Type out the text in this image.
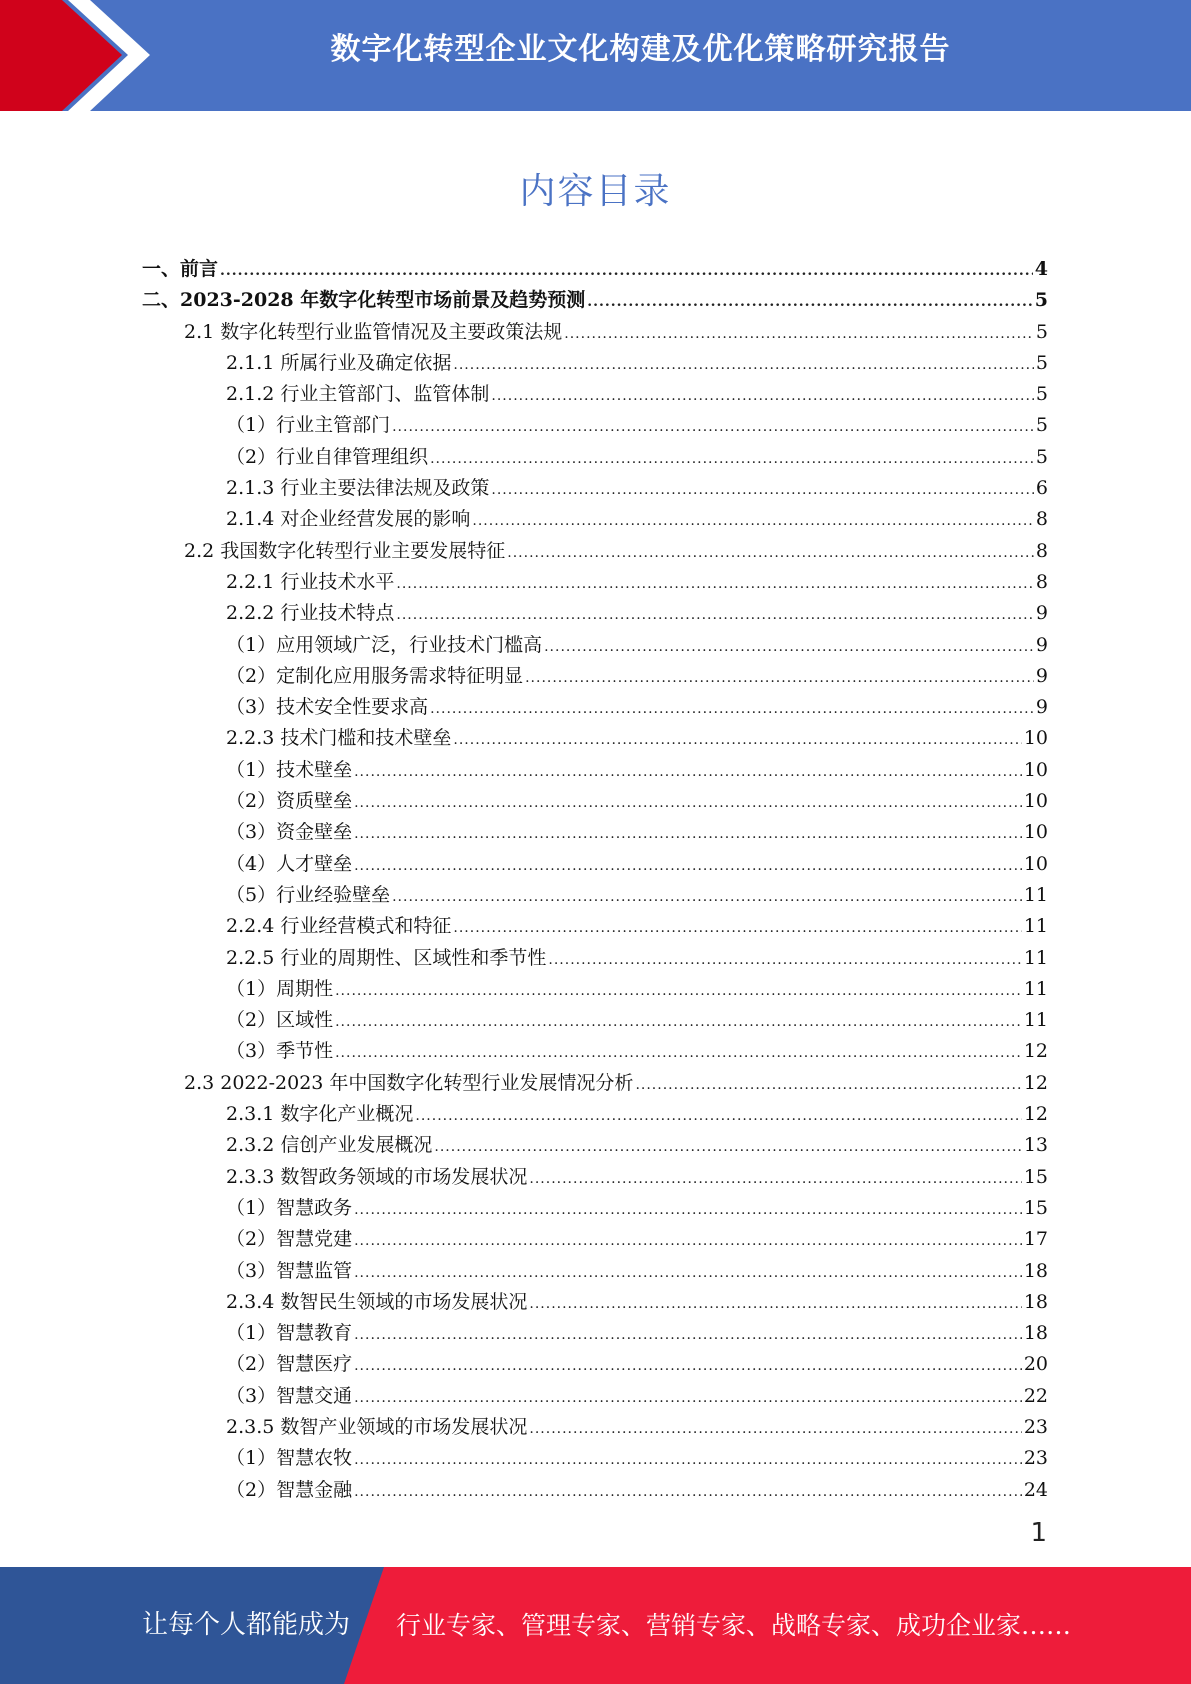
数字化转型企业文化构建及优化策略研究报告
内容目录
一、前言 .....	4
二、2023-2028 年数字化转型市场前景及趋势预测 .....	5
2.1 数字化转型行业监管情况及主要政策法规 .....	5
2.1.1 所属行业及确定依据 .....	5
2.1.2 行业主管部门、监管体制 .....	5
（1）行业主管部门 .....	5
（2）行业自律管理组织 .....	5
2.1.3 行业主要法律法规及政策 .....	6
2.1.4 对企业经营发展的影响 .....	8
2.2 我国数字化转型行业主要发展特征 .....	8
2.2.1 行业技术水平 .....	8
2.2.2 行业技术特点 .....	9
（1）应用领域广泛，行业技术门槛高 .....	9
（2）定制化应用服务需求特征明显 .....	9
（3）技术安全性要求高 .....	9
2.2.3 技术门槛和技术壁垒 .....	10
（1）技术壁垒 .....	10
（2）资质壁垒 .....	10
（3）资金壁垒 .....	10
（4）人才壁垒 .....	10
（5）行业经验壁垒 .....	11
2.2.4 行业经营模式和特征 .....	11
2.2.5 行业的周期性、区域性和季节性 .....	11
（1）周期性 .....	11
（2）区域性 .....	11
（3）季节性 .....	12
2.3 2022-2023 年中国数字化转型行业发展情况分析 .....	12
2.3.1 数字化产业概况 .....	12
2.3.2 信创产业发展概况 .....	13
2.3.3 数智政务领域的市场发展状况 .....	15
（1）智慧政务 .....	15
（2）智慧党建 .....	17
（3）智慧监管 .....	18
2.3.4 数智民生领域的市场发展状况 .....	18
（1）智慧教育 .....	18
（2）智慧医疗 .....	20
（3）智慧交通 .....	22
2.3.5 数智产业领域的市场发展状况 .....	23
（1）智慧农牧 .....	23
（2）智慧金融 .....	24
1
让每个人都能成为 行业专家、管理专家、营销专家、战略专家、成功企业家……
